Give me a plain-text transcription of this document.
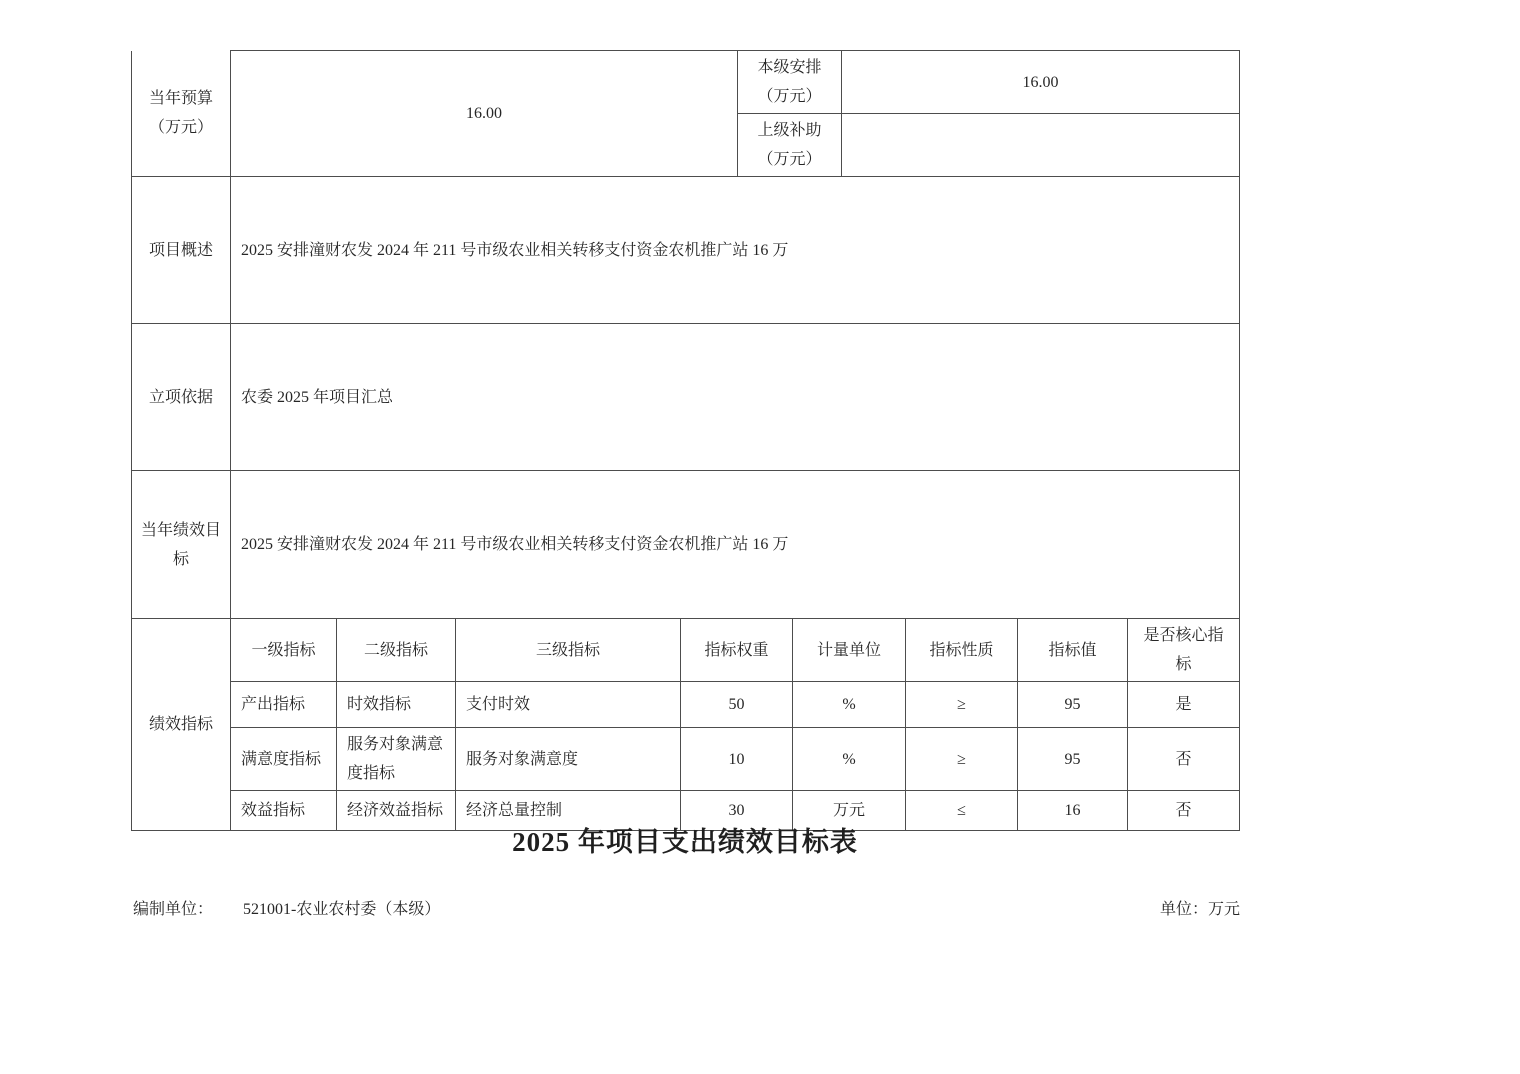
当年预算（万元）	16.00	本级安排（万元）	16.00
		上级补助（万元）	
项目概述	2025 安排潼财农发 2024 年 211 号市级农业相关转移支付资金农机推广站 16 万		
立项依据	农委 2025 年项目汇总		
当年绩效目标	2025 安排潼财农发 2024 年 211 号市级农业相关转移支付资金农机推广站 16 万		
绩效指标	一级指标	二级指标	三级指标	指标权重	计量单位	指标性质	指标值	是否核心指标
	产出指标	时效指标	支付时效	50	%	≥	95	是
	满意度指标	服务对象满意度指标	服务对象满意度	10	%	≥	95	否
	效益指标	经济效益指标	经济总量控制	30	万元	≤	16	否
2025 年项目支出绩效目标表
编制单位： 521001-农业农村委（本级）	单位：万元
